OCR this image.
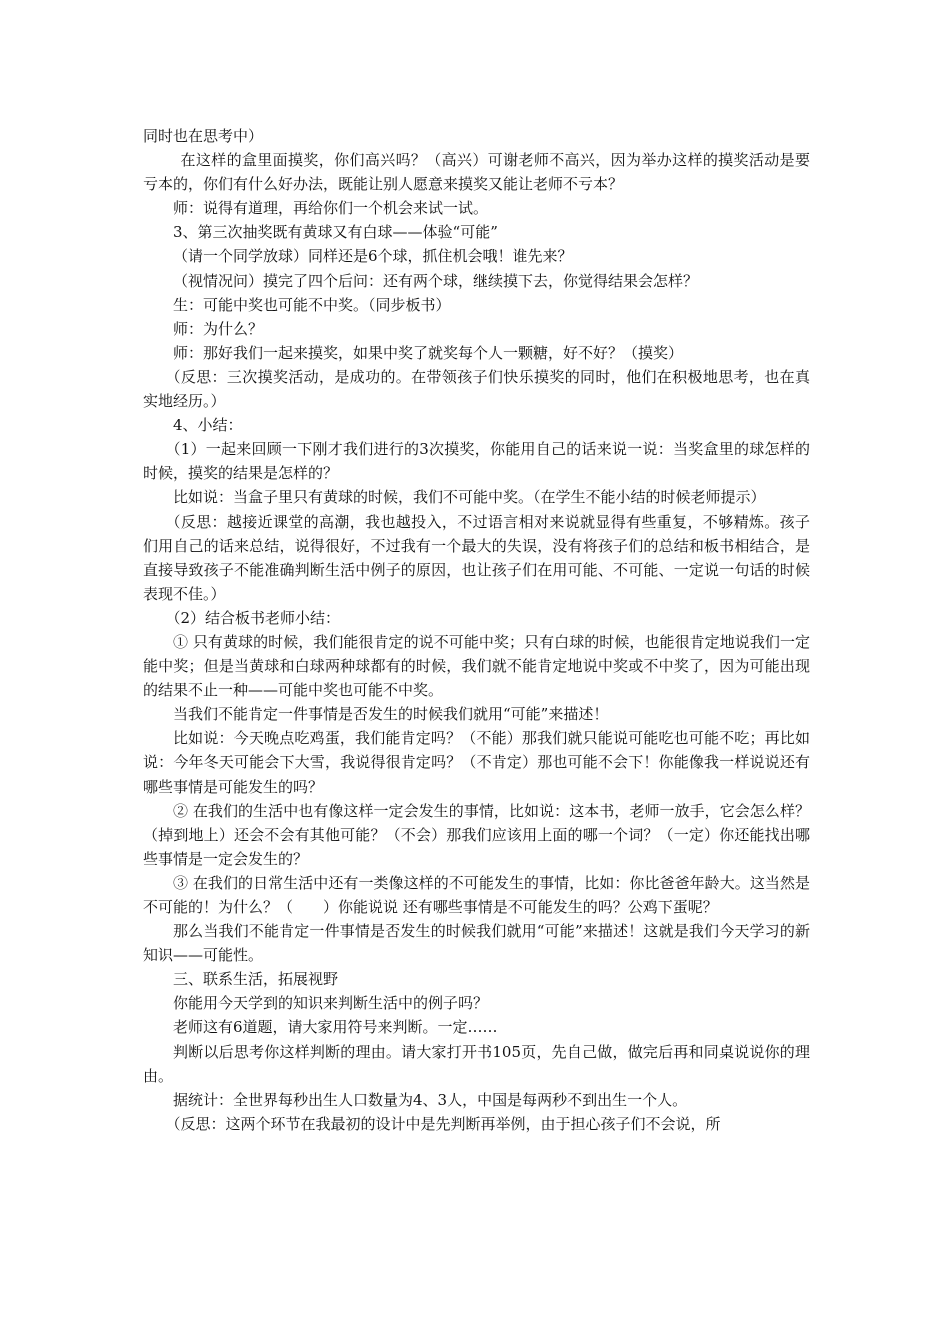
同时也在思考中）

在这样的盒里面摸奖，你们高兴吗？（高兴）可谢老师不高兴，因为举办这样的摸奖活动是要亏本的，你们有什么好办法，既能让别人愿意来摸奖又能让老师不亏本？

师：说得有道理，再给你们一个机会来试一试。

3、第三次抽奖既有黄球又有白球——体验“可能”

（请一个同学放球）同样还是6个球，抓住机会哦！谁先来？

（视情况问）摸完了四个后问：还有两个球，继续摸下去，你觉得结果会怎样？

生：可能中奖也可能不中奖。（同步板书）

师：为什么？

师：那好我们一起来摸奖，如果中奖了就奖每个人一颗糖，好不好？（摸奖）

（反思：三次摸奖活动，是成功的。在带领孩子们快乐摸奖的同时，他们在积极地思考，也在真实地经历。）

4、小结：

（1）一起来回顾一下刚才我们进行的3次摸奖，你能用自己的话来说一说：当奖盒里的球怎样的时候，摸奖的结果是怎样的？

比如说：当盒子里只有黄球的时候，我们不可能中奖。（在学生不能小结的时候老师提示）

（反思：越接近课堂的高潮，我也越投入，不过语言相对来说就显得有些重复，不够精炼。孩子们用自己的话来总结，说得很好，不过我有一个最大的失误，没有将孩子们的总结和板书相结合，是直接导致孩子不能准确判断生活中例子的原因，也让孩子们在用可能、不可能、一定说一句话的时候表现不佳。）

（2）结合板书老师小结：

① 只有黄球的时候，我们能很肯定的说不可能中奖；只有白球的时候，也能很肯定地说我们一定能中奖；但是当黄球和白球两种球都有的时候，我们就不能肯定地说中奖或不中奖了，因为可能出现的结果不止一种——可能中奖也可能不中奖。

当我们不能肯定一件事情是否发生的时候我们就用“可能”来描述！

比如说：今天晚点吃鸡蛋，我们能肯定吗？（不能）那我们就只能说可能吃也可能不吃；再比如说：今年冬天可能会下大雪，我说得很肯定吗？（不肯定）那也可能不会下！你能像我一样说说还有哪些事情是可能发生的吗？

② 在我们的生活中也有像这样一定会发生的事情，比如说：这本书，老师一放手，它会怎么样？（掉到地上）还会不会有其他可能？（不会）那我们应该用上面的哪一个词？（一定）你还能找出哪些事情是一定会发生的？

③ 在我们的日常生活中还有一类像这样的不可能发生的事情，比如：你比爸爸年龄大。这当然是不可能的！为什么？（　　）你能说说 还有哪些事情是不可能发生的吗？公鸡下蛋呢？

那么当我们不能肯定一件事情是否发生的时候我们就用“可能”来描述！这就是我们今天学习的新知识——可能性。

三、联系生活，拓展视野

你能用今天学到的知识来判断生活中的例子吗？

老师这有6道题，请大家用符号来判断。一定……

判断以后思考你这样判断的理由。请大家打开书105页，先自己做，做完后再和同桌说说你的理由。

据统计：全世界每秒出生人口数量为4、3人，中国是每两秒不到出生一个人。

（反思：这两个环节在我最初的设计中是先判断再举例，由于担心孩子们不会说，所
